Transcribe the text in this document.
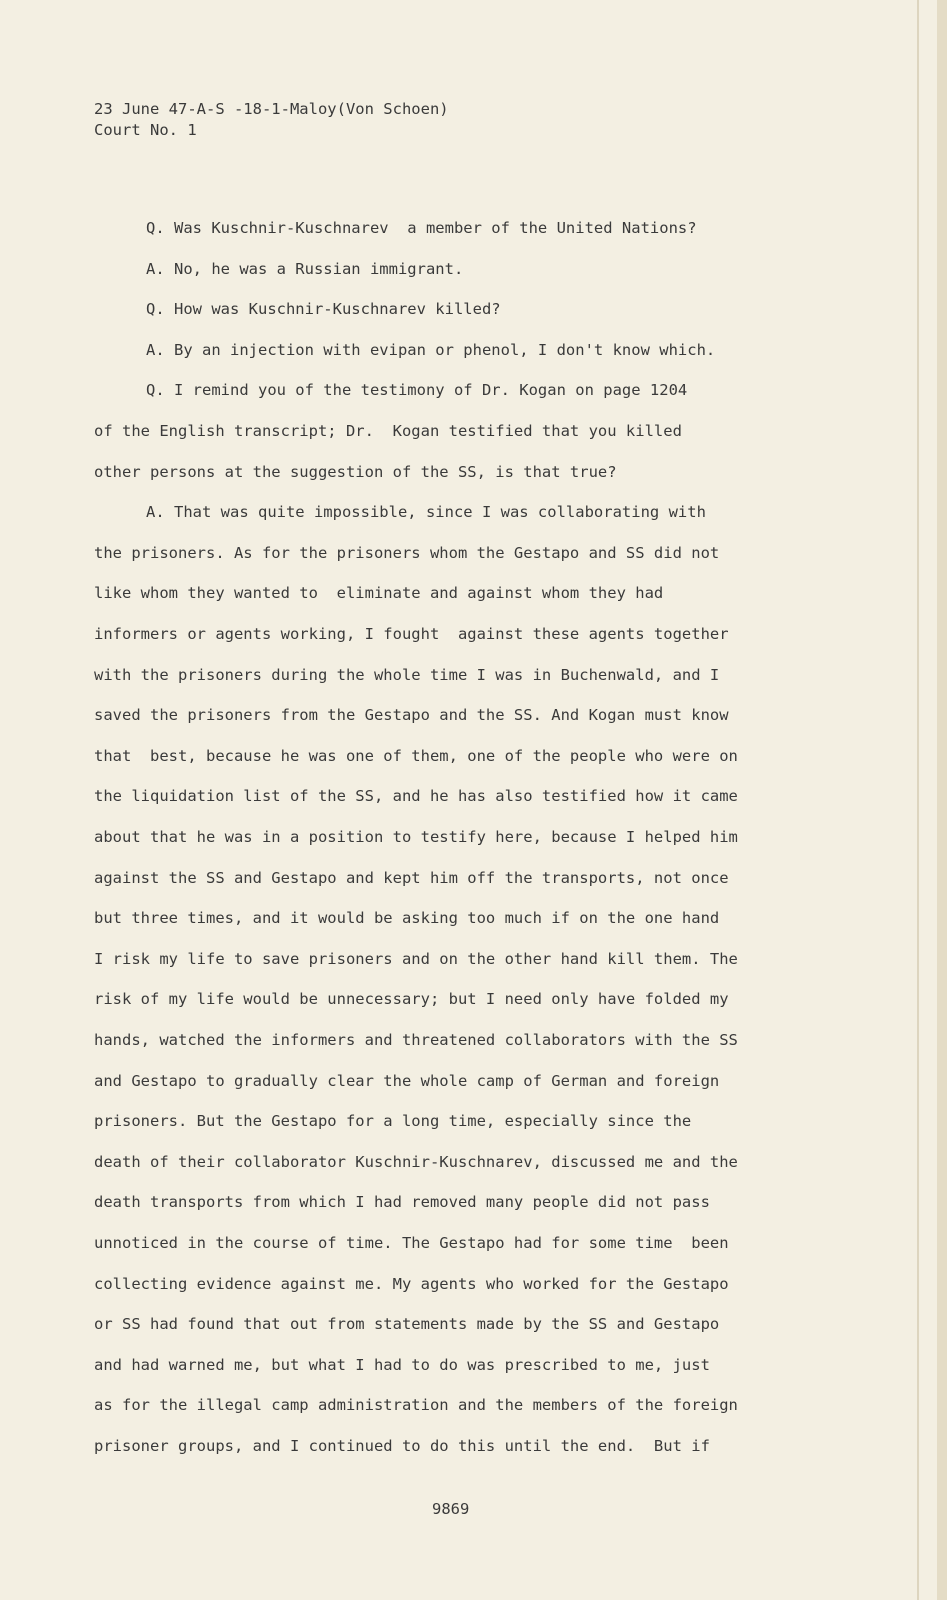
23 June 47-A-S -18-1-Maloy(Von Schoen)
Court No. 1
Q. Was Kuschnir-Kuschnarev  a member of the United Nations?
A. No, he was a Russian immigrant.
Q. How was Kuschnir-Kuschnarev killed?
A. By an injection with evipan or phenol, I don't know which.
Q. I remind you of the testimony of Dr. Kogan on page 1204
of the English transcript; Dr.  Kogan testified that you killed
other persons at the suggestion of the SS, is that true?
A. That was quite impossible, since I was collaborating with
the prisoners. As for the prisoners whom the Gestapo and SS did not
like whom they wanted to  eliminate and against whom they had
informers or agents working, I fought  against these agents together
with the prisoners during the whole time I was in Buchenwald, and I
saved the prisoners from the Gestapo and the SS. And Kogan must know
that  best, because he was one of them, one of the people who were on
the liquidation list of the SS, and he has also testified how it came
about that he was in a position to testify here, because I helped him
against the SS and Gestapo and kept him off the transports, not once
but three times, and it would be asking too much if on the one hand
I risk my life to save prisoners and on the other hand kill them. The
risk of my life would be unnecessary; but I need only have folded my
hands, watched the informers and threatened collaborators with the SS
and Gestapo to gradually clear the whole camp of German and foreign
prisoners. But the Gestapo for a long time, especially since the
death of their collaborator Kuschnir-Kuschnarev, discussed me and the
death transports from which I had removed many people did not pass
unnoticed in the course of time. The Gestapo had for some time  been
collecting evidence against me. My agents who worked for the Gestapo
or SS had found that out from statements made by the SS and Gestapo
and had warned me, but what I had to do was prescribed to me, just
as for the illegal camp administration and the members of the foreign
prisoner groups, and I continued to do this until the end.  But if
9869
